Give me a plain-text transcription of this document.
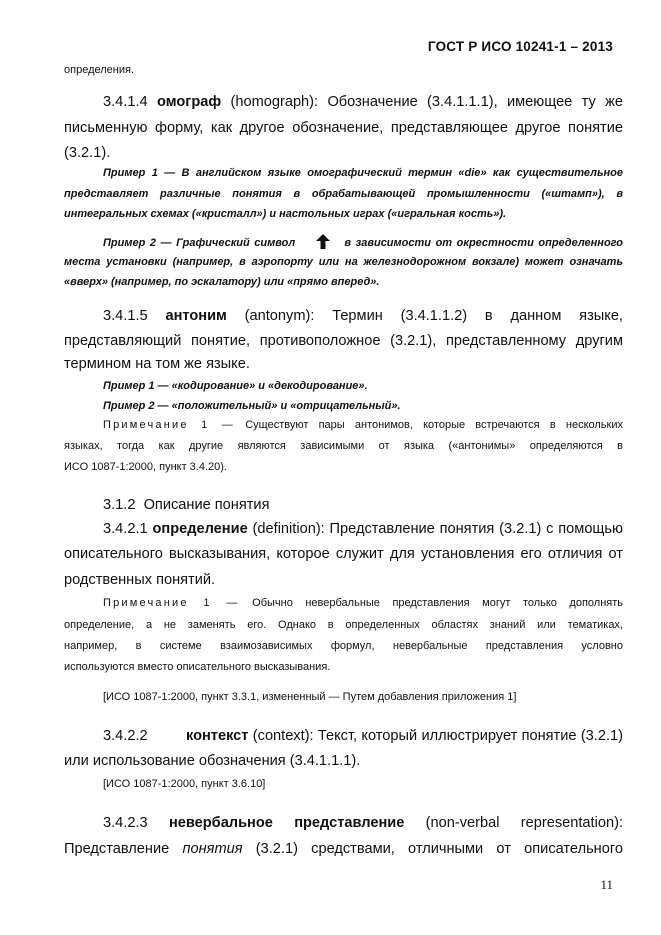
ГОСТ Р ИСО 10241-1 – 2013
определения.
3.4.1.4 омограф (homograph): Обозначение (3.4.1.1.1), имеющее ту же
письменную форму, как другое обозначение, представляющее другое понятие
(3.2.1).
Пример 1 — В английском языке омографический термин «die» как существительное
представляет различные понятия в обрабатывающей промышленности («штамп»), в
интегральных схемах («кристалл») и настольных играх («игральная кость»).
Пример 2 — Графический символ	в зависимости от окрестности определенного
места установки (например, в аэропорту или на железнодорожном вокзале) может означать
«вверх» (например, по эскалатору) или «прямо вперед».
3.4.1.5 антоним (antonym): Термин (3.4.1.1.2) в данном языке,
представляющий понятие, противоположное (3.2.1), представленному другим
термином на том же языке.
Пример 1 — «кодирование» и «декодирование».
Пример 2 — «положительный» и «отрицательный».
Примечание 1 — Существуют пары антонимов, которые встречаются в нескольких
языках, тогда как другие являются зависимыми от языка («антонимы» определяются в
ИСО 1087-1:2000, пункт 3.4.20).
3.1.2  Описание понятия
3.4.2.1 определение (definition): Представление понятия (3.2.1) с помощью
описательного высказывания, которое служит для установления его отличия от
родственных понятий.
Примечание 1 — Обычно невербальные представления могут только дополнять
определение, а не заменять его. Однако в определенных областях знаний или тематиках,
например, в системе взаимозависимых формул, невербальные представления условно
используются вместо описательного высказывания.
[ИСО 1087-1:2000, пункт 3.3.1, измененный — Путем добавления приложения 1]
3.4.2.2	контекст (context): Текст, который иллюстрирует понятие (3.2.1)
или использование обозначения (3.4.1.1.1).
[ИСО 1087-1:2000, пункт 3.6.10]
3.4.2.3 невербальное представление (non-verbal representation):
Представление понятия (3.2.1) средствами, отличными от описательного
11
